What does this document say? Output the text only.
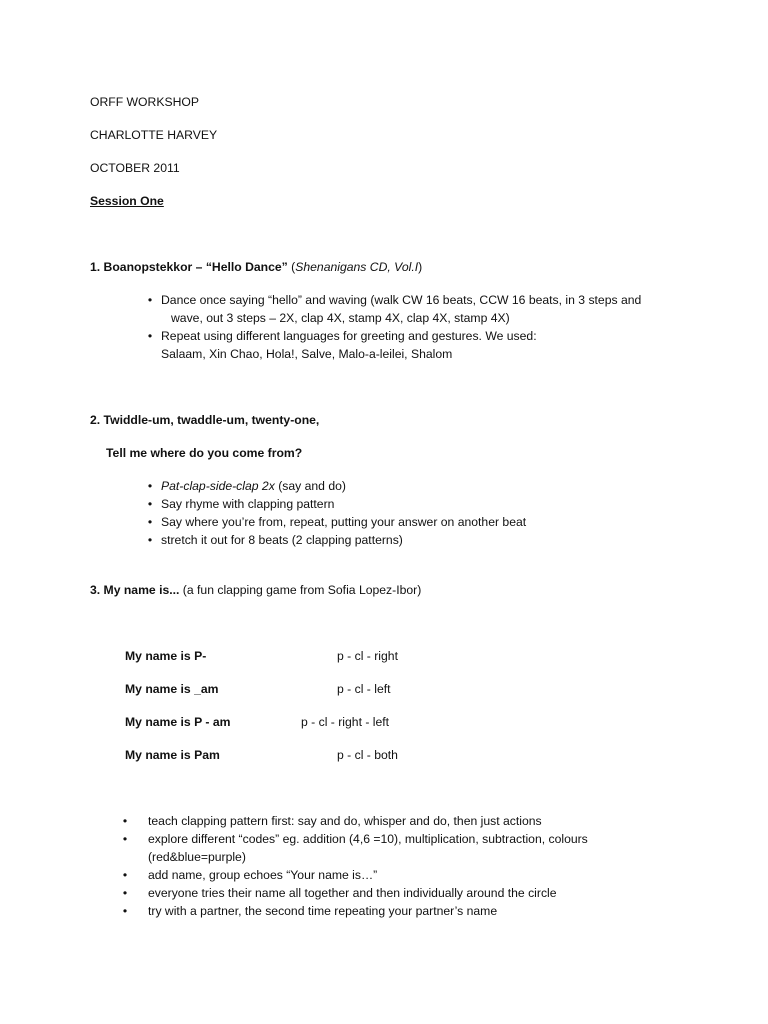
ORFF WORKSHOP
CHARLOTTE HARVEY
OCTOBER 2011
Session One
1. Boanopstekkor – “Hello Dance” (Shenanigans CD, Vol.I)
• Dance once saying “hello” and waving (walk CW 16 beats, CCW 16 beats, in 3 steps and
wave, out 3 steps – 2X, clap 4X, stamp 4X, clap 4X, stamp 4X)
• Repeat using different languages for greeting and gestures. We used:
Salaam, Xin Chao, Hola!, Salve, Malo-a-leilei, Shalom
2. Twiddle-um, twaddle-um, twenty-one,
Tell me where do you come from?
• Pat-clap-side-clap 2x (say and do)
• Say rhyme with clapping pattern
• Say where you’re from, repeat, putting your answer on another beat
• stretch it out for 8 beats (2 clapping patterns)
3. My name is... (a fun clapping game from Sofia Lopez-Ibor)
My name is P-	p - cl - right
My name is _am	p - cl - left
My name is P - am	p - cl - right - left
My name is Pam	p - cl - both
• teach clapping pattern first: say and do, whisper and do, then just actions
• explore different “codes” eg. addition (4,6 =10), multiplication, subtraction, colours
(red&blue=purple)
• add name, group echoes “Your name is…”
• everyone tries their name all together and then individually around the circle
• try with a partner, the second time repeating your partner’s name
